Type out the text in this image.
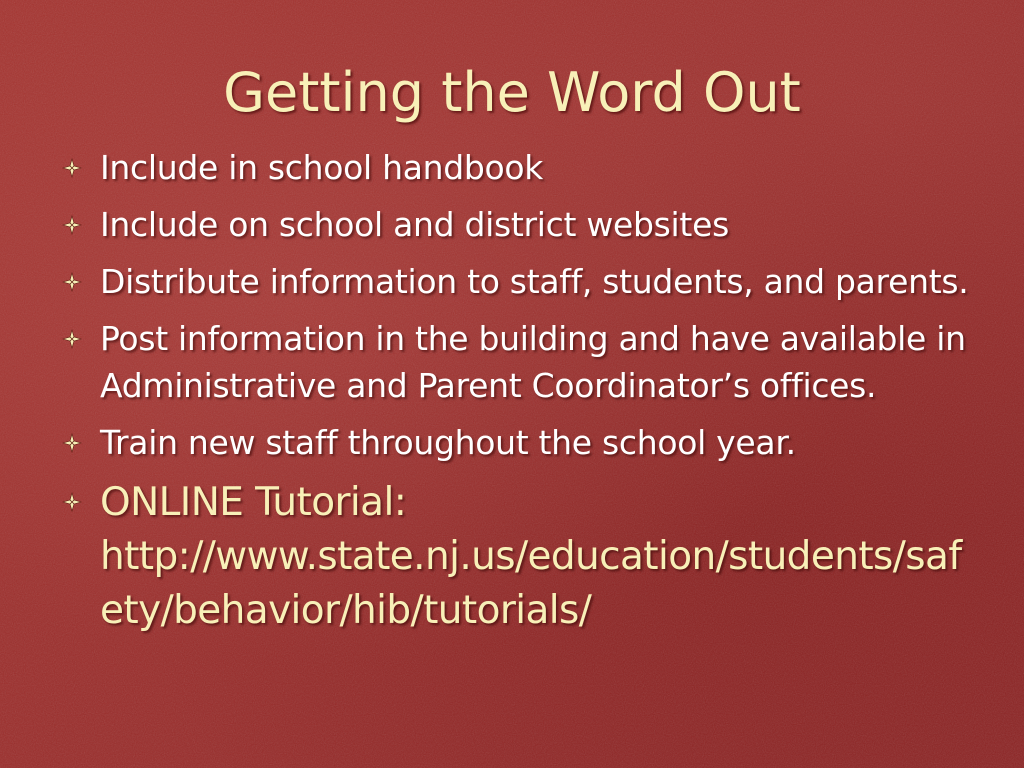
Getting the Word Out
Include in school handbook
Include on school and district websites
Distribute information to staff, students, and parents.
Post information in the building and have available in Administrative and Parent Coordinator’s offices.
Train new staff throughout the school year.
ONLINE Tutorial:
http://www.state.nj.us/education/students/safety/behavior/hib/tutorials/
